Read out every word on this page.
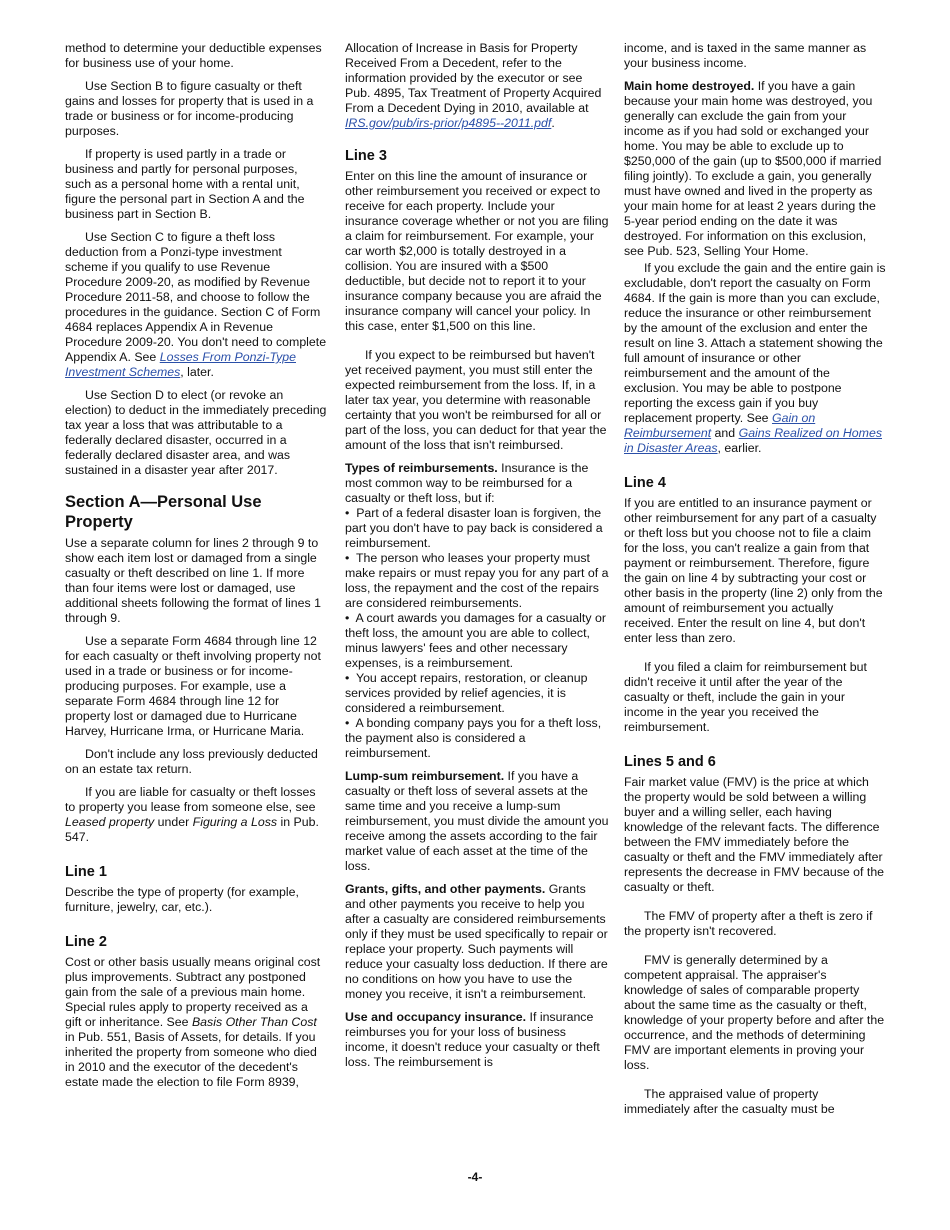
method to determine your deductible expenses for business use of your home.

Use Section B to figure casualty or theft gains and losses for property that is used in a trade or business or for income-producing purposes.

If property is used partly in a trade or business and partly for personal purposes, such as a personal home with a rental unit, figure the personal part in Section A and the business part in Section B.

Use Section C to figure a theft loss deduction from a Ponzi-type investment scheme if you qualify to use Revenue Procedure 2009-20, as modified by Revenue Procedure 2011-58, and choose to follow the procedures in the guidance. Section C of Form 4684 replaces Appendix A in Revenue Procedure 2009-20. You don't need to complete Appendix A. See Losses From Ponzi-Type Investment Schemes, later.

Use Section D to elect (or revoke an election) to deduct in the immediately preceding tax year a loss that was attributable to a federally declared disaster, occurred in a federally declared disaster area, and was sustained in a disaster year after 2017.

Section A—Personal Use Property

Use a separate column for lines 2 through 9 to show each item lost or damaged from a single casualty or theft described on line 1. If more than four items were lost or damaged, use additional sheets following the format of lines 1 through 9.

Use a separate Form 4684 through line 12 for each casualty or theft involving property not used in a trade or business or for income-producing purposes. For example, use a separate Form 4684 through line 12 for property lost or damaged due to Hurricane Harvey, Hurricane Irma, or Hurricane Maria.

Don't include any loss previously deducted on an estate tax return.

If you are liable for casualty or theft losses to property you lease from someone else, see Leased property under Figuring a Loss in Pub. 547.

Line 1

Describe the type of property (for example, furniture, jewelry, car, etc.).

Line 2

Cost or other basis usually means original cost plus improvements. Subtract any postponed gain from the sale of a previous main home. Special rules apply to property received as a gift or inheritance. See Basis Other Than Cost in Pub. 551, Basis of Assets, for details. If you inherited the property from someone who died in 2010 and the executor of the decedent's estate made the election to file Form 8939,

Allocation of Increase in Basis for Property Received From a Decedent, refer to the information provided by the executor or see Pub. 4895, Tax Treatment of Property Acquired From a Decedent Dying in 2010, available at IRS.gov/pub/irs-prior/p4895--2011.pdf.

Line 3

Enter on this line the amount of insurance or other reimbursement you received or expect to receive for each property. Include your insurance coverage whether or not you are filing a claim for reimbursement. For example, your car worth $2,000 is totally destroyed in a collision. You are insured with a $500 deductible, but decide not to report it to your insurance company because you are afraid the insurance company will cancel your policy. In this case, enter $1,500 on this line.

If you expect to be reimbursed but haven't yet received payment, you must still enter the expected reimbursement from the loss. If, in a later tax year, you determine with reasonable certainty that you won't be reimbursed for all or part of the loss, you can deduct for that year the amount of the loss that isn't reimbursed.

Types of reimbursements. Insurance is the most common way to be reimbursed for a casualty or theft loss, but if:

•  Part of a federal disaster loan is forgiven, the part you don't have to pay back is considered a reimbursement.

•  The person who leases your property must make repairs or must repay you for any part of a loss, the repayment and the cost of the repairs are considered reimbursements.

•  A court awards you damages for a casualty or theft loss, the amount you are able to collect, minus lawyers' fees and other necessary expenses, is a reimbursement.

•  You accept repairs, restoration, or cleanup services provided by relief agencies, it is considered a reimbursement.

•  A bonding company pays you for a theft loss, the payment also is considered a reimbursement.

Lump-sum reimbursement. If you have a casualty or theft loss of several assets at the same time and you receive a lump-sum reimbursement, you must divide the amount you receive among the assets according to the fair market value of each asset at the time of the loss.

Grants, gifts, and other payments. Grants and other payments you receive to help you after a casualty are considered reimbursements only if they must be used specifically to repair or replace your property. Such payments will reduce your casualty loss deduction. If there are no conditions on how you have to use the money you receive, it isn't a reimbursement.

Use and occupancy insurance. If insurance reimburses you for your loss of business income, it doesn't reduce your casualty or theft loss. The reimbursement is

income, and is taxed in the same manner as your business income.

Main home destroyed. If you have a gain because your main home was destroyed, you generally can exclude the gain from your income as if you had sold or exchanged your home. You may be able to exclude up to $250,000 of the gain (up to $500,000 if married filing jointly). To exclude a gain, you generally must have owned and lived in the property as your main home for at least 2 years during the 5-year period ending on the date it was destroyed. For information on this exclusion, see Pub. 523, Selling Your Home.

If you exclude the gain and the entire gain is excludable, don't report the casualty on Form 4684. If the gain is more than you can exclude, reduce the insurance or other reimbursement by the amount of the exclusion and enter the result on line 3. Attach a statement showing the full amount of insurance or other reimbursement and the amount of the exclusion. You may be able to postpone reporting the excess gain if you buy replacement property. See Gain on Reimbursement and Gains Realized on Homes in Disaster Areas, earlier.

Line 4

If you are entitled to an insurance payment or other reimbursement for any part of a casualty or theft loss but you choose not to file a claim for the loss, you can't realize a gain from that payment or reimbursement. Therefore, figure the gain on line 4 by subtracting your cost or other basis in the property (line 2) only from the amount of reimbursement you actually received. Enter the result on line 4, but don't enter less than zero.

If you filed a claim for reimbursement but didn't receive it until after the year of the casualty or theft, include the gain in your income in the year you received the reimbursement.

Lines 5 and 6

Fair market value (FMV) is the price at which the property would be sold between a willing buyer and a willing seller, each having knowledge of the relevant facts. The difference between the FMV immediately before the casualty or theft and the FMV immediately after represents the decrease in FMV because of the casualty or theft.

The FMV of property after a theft is zero if the property isn't recovered.

FMV is generally determined by a competent appraisal. The appraiser's knowledge of sales of comparable property about the same time as the casualty or theft, knowledge of your property before and after the occurrence, and the methods of determining FMV are important elements in proving your loss.

The appraised value of property immediately after the casualty must be

-4-
